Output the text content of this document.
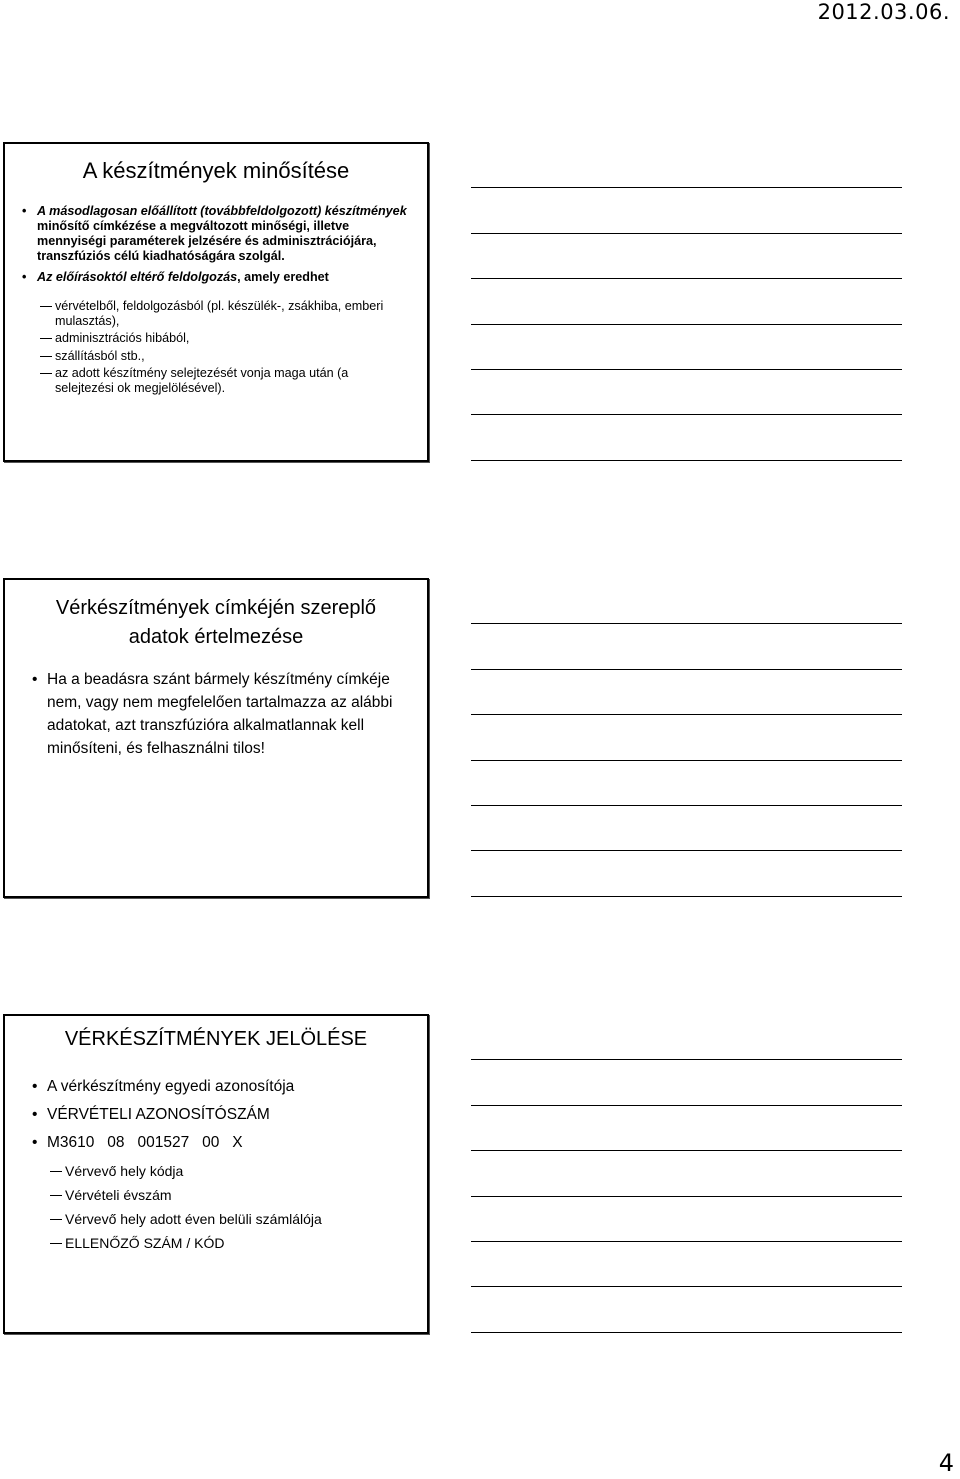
2012.03.06.
A készítmények minősítése
• A másodlagosan előállított (továbbfeldolgozott) készítmények minősítő címkézése a megváltozott minőségi, illetve mennyiségi paraméterek jelzésére és adminisztrációjára, transzfúziós célú kiadhatóságára szolgál.
• Az előírásoktól eltérő feldolgozás, amely eredhet
vérvételből, feldolgozásból (pl. készülék-, zsákhiba, emberi mulasztás),
adminisztrációs hibából,
szállításból stb.,
az adott készítmény selejtezését vonja maga után (a selejtezési ok megjelölésével).
Vérkészítmények címkéjén szereplő adatok értelmezése
• Ha a beadásra szánt bármely készítmény címkéje nem, vagy nem megfelelően tartalmazza az alábbi adatokat, azt transzfúzióra alkalmatlannak kell minősíteni, és felhasználni tilos!
VÉRKÉSZÍTMÉNYEK JELÖLÉSE
• A vérkészítmény egyedi azonosítója
• VÉRVÉTELI AZONOSÍTÓSZÁM
• M3610   08   001527   00   X
Vérvevő hely kódja
Vérvételi évszám
Vérvevő hely adott éven belüli számlálója
ELLENŐZŐ SZÁM / KÓD
4
